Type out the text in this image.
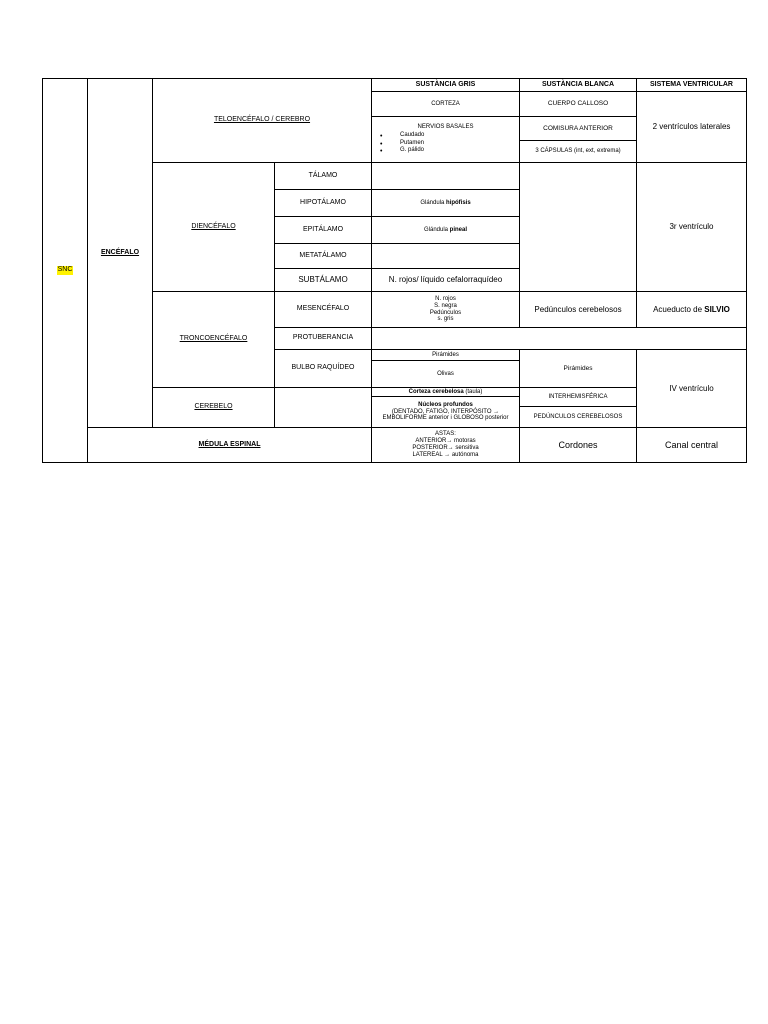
SNC
ENCÉFALO
MÉDULA ESPINAL
TELOENCÉFALO / CEREBRO
DIENCÉFALO
TRONCOENCÉFALO
CEREBELO
TÁLAMO
HIPOTÁLAMO
EPITÁLAMO
METATÁLAMO
SUBTÁLAMO
MESENCÉFALO
PROTUBERANCIA
BULBO RAQUÍDEO
SUSTÀNCIA GRIS	SUSTÀNCIA BLANCA	SISTEMA VENTRICULAR
CORTEZA
NERVIOS BASALES
• Caudado
• Putamen
• G. pálido
Glándula hipófisis
Glándula pineal
N. rojos/ líquido cefalorraquídeo
N. rojos
S. negra
Pedúnculos
s. gris
Pirámides
Olivas
Corteza cerebelosa (taula)
Núcleos profundos
(DENTADO, FATIGO, INTERPÓSITO →
EMBOLIFORME anterior i GLOBOSO posterior
ASTAS:
ANTERIOR→ motoras
POSTERIOR→ sensitiva
LATEREAL → autónoma
CUERPO CALLOSO
COMISURA ANTERIOR
3 CÁPSULAS (int, ext, extrema)
Pedúnculos cerebelosos
Pirámides
INTERHEMISFÉRICA
PEDÚNCULOS CEREBELOSOS
Cordones
2 ventrículos laterales
3r ventrículo
Acueducto de SILVIO
IV ventrículo
Canal central
